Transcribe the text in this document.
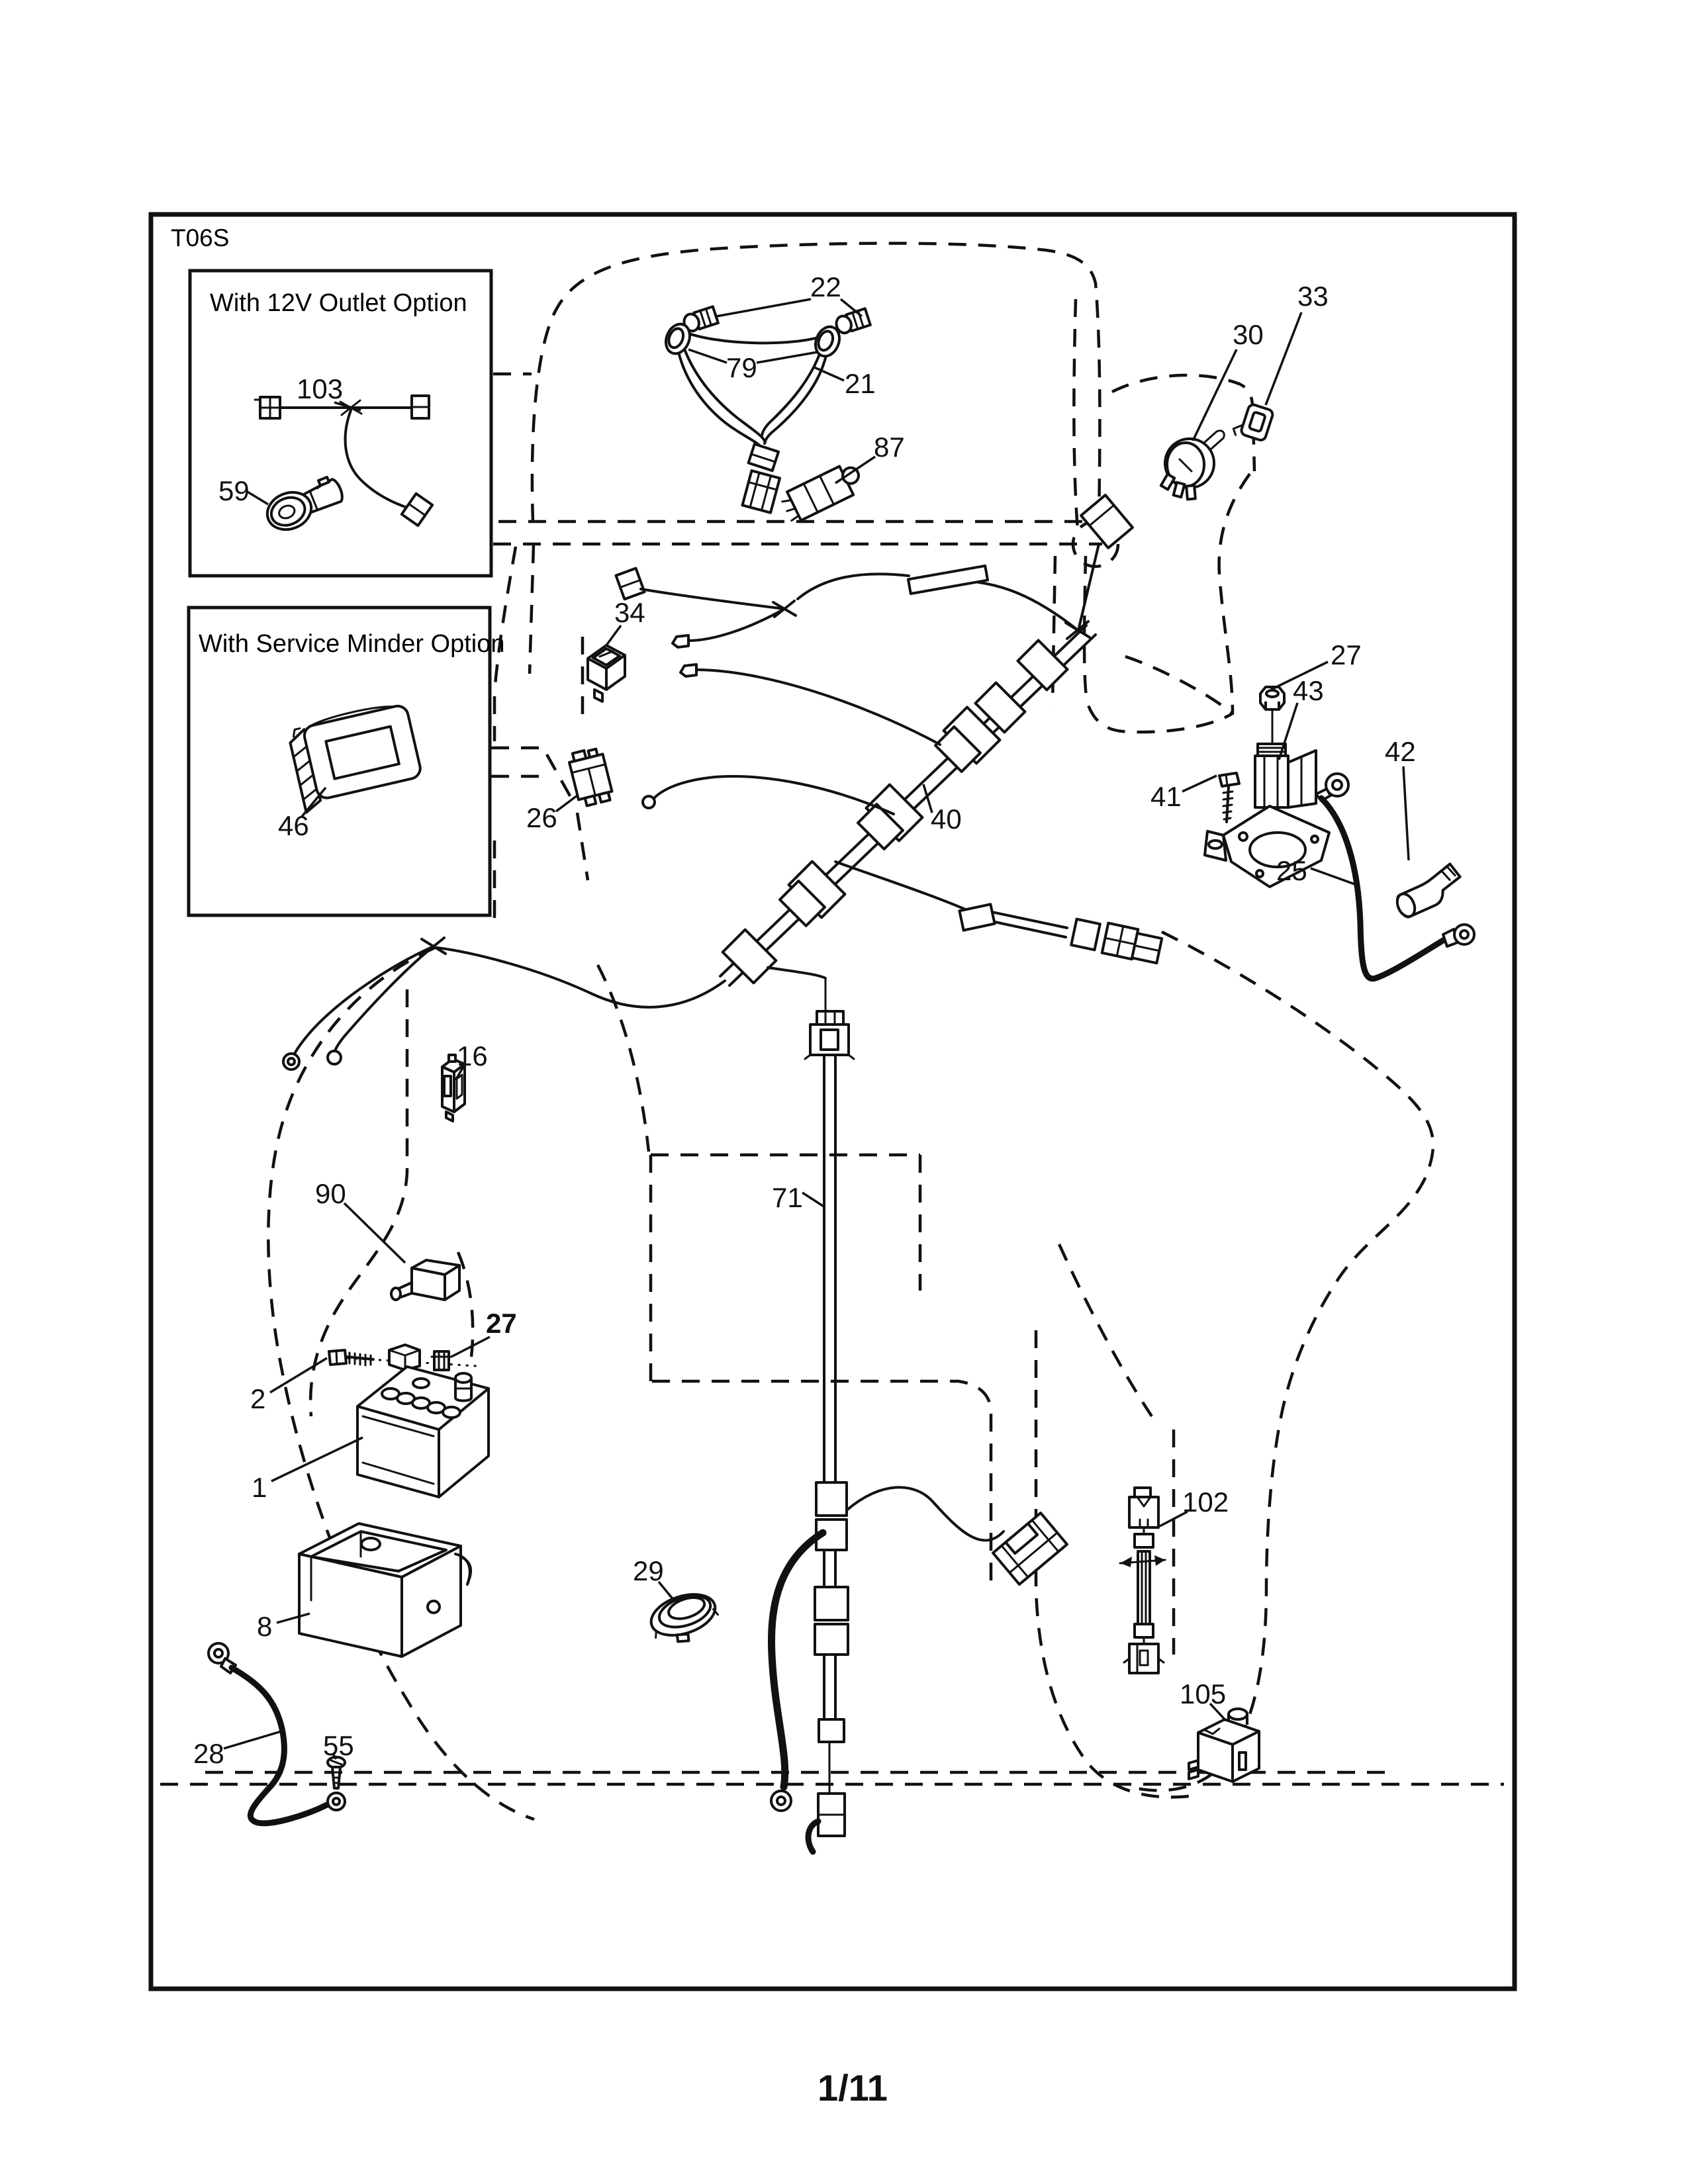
T06S
With 12V Outlet Option
With Service Minder Option
103
59
46
22
79
21
87
30
33
27
43
41
42
25
34
26	40
16
90
27
2
1
8
28	55
71
29
102
105
1/11
